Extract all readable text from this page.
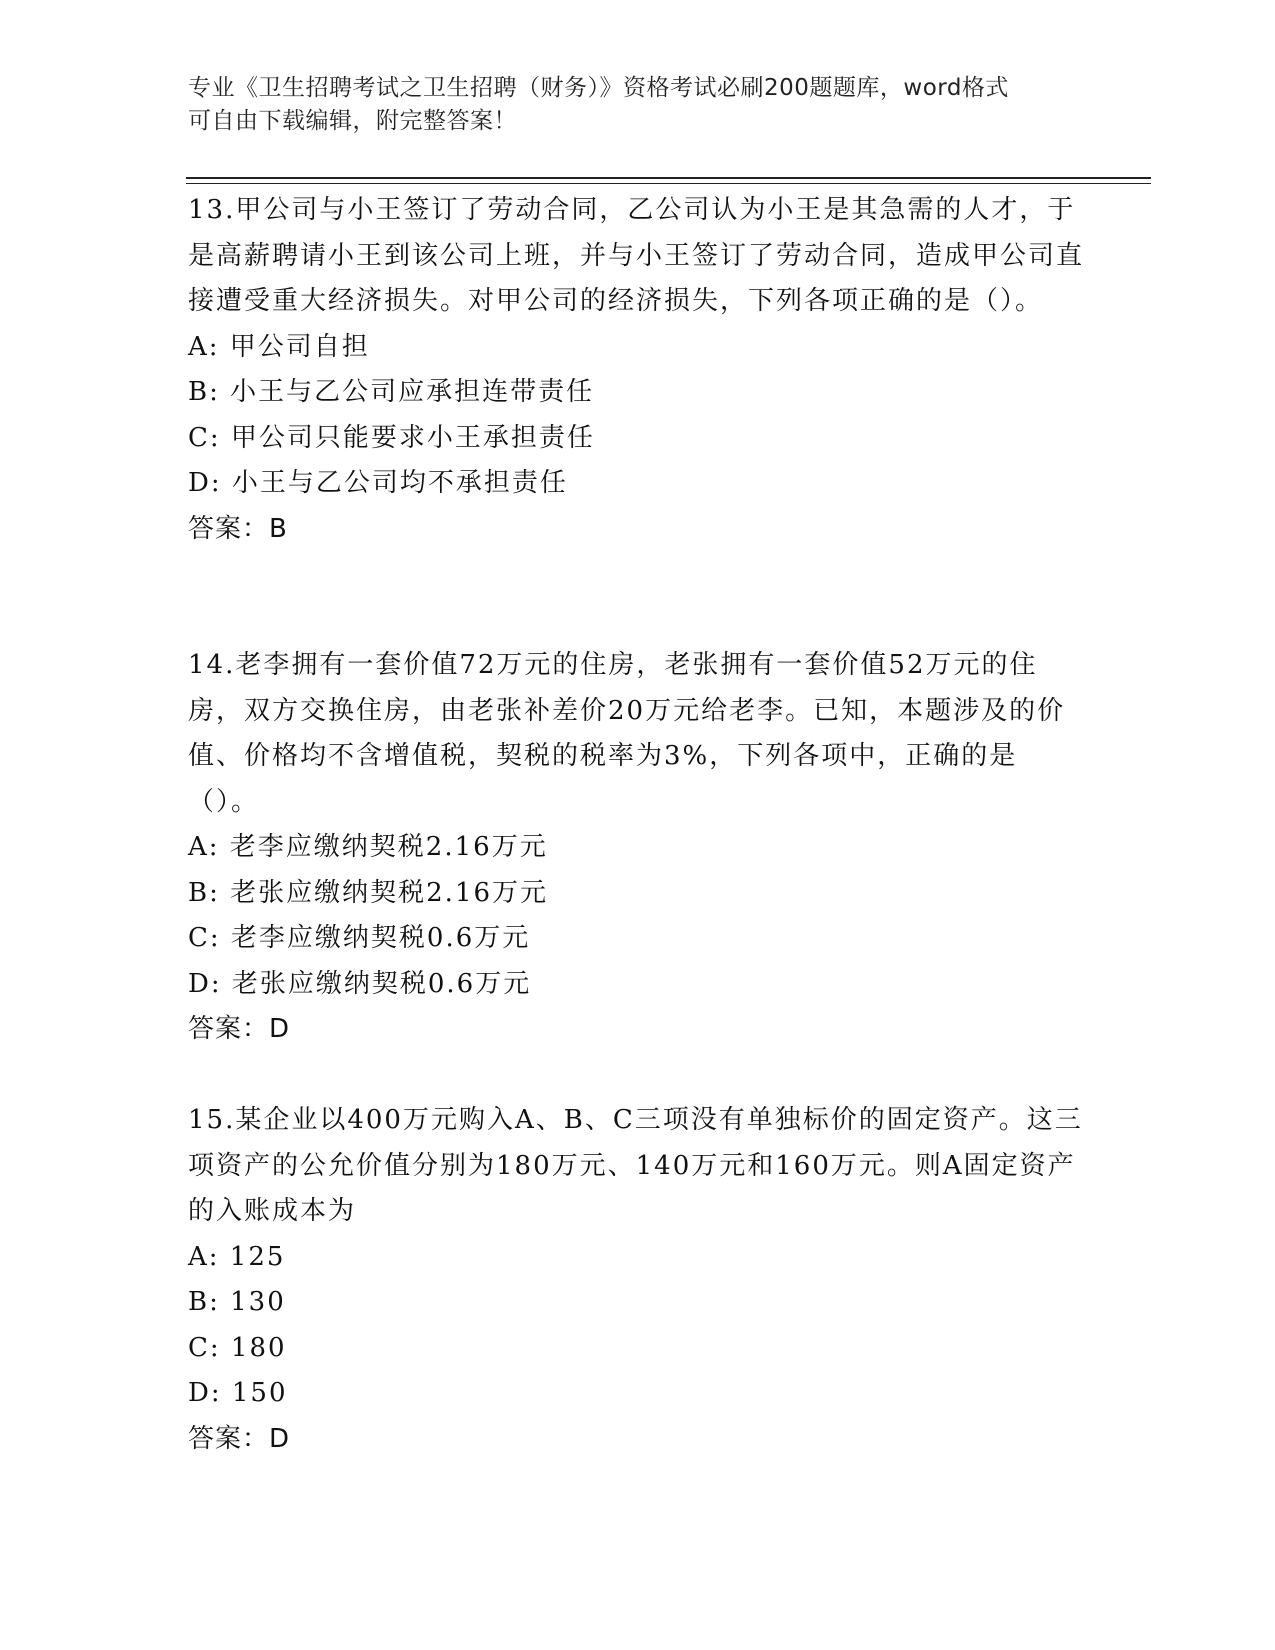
专业《卫生招聘考试之卫生招聘（财务）》资格考试必刷200题题库，word格式
可自由下载编辑，附完整答案！
13.甲公司与小王签订了劳动合同，乙公司认为小王是其急需的人才，于是高薪聘请小王到该公司上班，并与小王签订了劳动合同，造成甲公司直接遭受重大经济损失。对甲公司的经济损失，下列各项正确的是（）。
A: 甲公司自担
B: 小王与乙公司应承担连带责任
C: 甲公司只能要求小王承担责任
D: 小王与乙公司均不承担责任
答案：B
14.老李拥有一套价值72万元的住房，老张拥有一套价值52万元的住房，双方交换住房，由老张补差价20万元给老李。已知，本题涉及的价值、价格均不含增值税，契税的税率为3%，下列各项中，正确的是（）。
A: 老李应缴纳契税2.16万元
B: 老张应缴纳契税2.16万元
C: 老李应缴纳契税0.6万元
D: 老张应缴纳契税0.6万元
答案：D
15.某企业以400万元购入A、B、C三项没有单独标价的固定资产。这三项资产的公允价值分别为180万元、140万元和160万元。则A固定资产的入账成本为
A: 125
B: 130
C: 180
D: 150
答案：D
